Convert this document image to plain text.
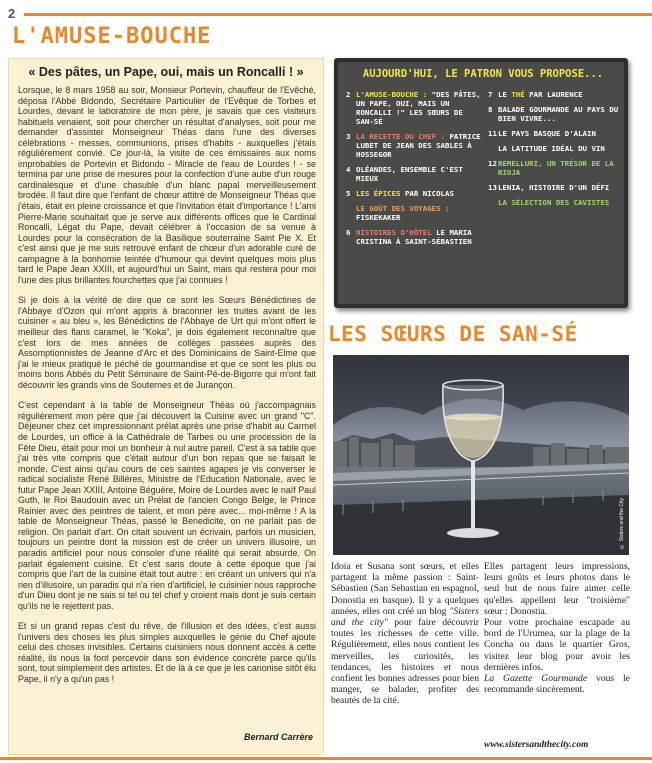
2
L'AMUSE-BOUCHE
« Des pâtes, un Pape, oui, mais un Roncalli ! »

Lorsque, le 8 mars 1958 au soir, Monsieur Portevin, chauffeur de l'Evêché, déposa l'Abbé Bidondo, Secrétaire Particulier de l'Evêque de Torbes et Lourdes, devant le laboratoire de mon père, je savais que ces visiteurs habituels venaient, soit pour chercher un résultat d'analyses, soit pour me demander d'assister Monseigneur Théas dans l'une des diverses célébrations - messes, communions, prises d'habits - auxquelles j'étais régulièrement convié. Ce jour-là, la visite de ces émissaires aux noms improbables de Portevin et Bidondo - Miracle de l'eau de Lourdes ! - se termina par une prise de mesures pour la confection d'une aube d'un rouge cardinalesque et d'une chasuble d'un blanc papal merveilleusement brodée. Il faut dire que l'enfant de chœur attitré de Monseigneur Théas que j'étais, était en pleine croissance et que l'invitation était d'importance ! L'ami Pierre-Marie souhaitait que je serve aux différents offices que le Cardinal Roncalli, Légat du Pape, devait célébrer à l'occasion de sa venue à Lourdes pour la consécration de la Basilique souterraine Saint Pie X. Et c'est ainsi que je me suis retrouvé enfant de chœur d'un adorable curé de campagne à la bonhomie teintée d'humour qui devint quelques mois plus tard le Pape Jean XXIII, et aujourd'hui un Saint, mais qui restera pour moi l'une des plus brillantes fourchettes que j'ai connues !

Si je dois à la vérité de dire que ce sont les Sœurs Bénédictines de l'Abbaye d'Ozon qui m'ont appris à braconner les truites avant de les cuisiner « au bleu », les Bénédictins de l'Abbaye de Urt qui m'ont offert le meilleur des flans caramel, le "Koka", je dois également reconnaître que c'est lors de mes années de collèges passées auprès des Assomptionnistes de Jeanne d'Arc et des Dominicains de Saint-Elme que j'ai le mieux pratiqué le péché de gourmandise et que ce sont les plus ou moins bons Abbés du Petit Séminaire de Saint-Pé-de-Bigorre qui m'ont fait découvrir les grands vins de Souternes et de Jurançon.

C'est cependant à la table de Monseigneur Théas où j'accompagnais régulièrement mon père que j'ai découvert la Cuisine avec un grand "C". Déjeuner chez cet impressionnant prélat après une prise d'habit au Carmel de Lourdes, un office à la Cathédrale de Tarbes ou une procession de la Fête Dieu, était pour moi un bonheur à nul autre pareil. C'est à sa table que j'ai très vite compris que c'était autour d'un bon repas que se faisait le monde. C'est ainsi qu'au cours de ces saintes agapes je vis converser le radical socialiste René Billères, Ministre de l'Education Nationale, avec le futur Pape Jean XXIII, Antoine Béguère, Moire de Lourdes avec le naïf Paul Guth, le Roi Baudouin avec un Prélat de l'ancien Congo Belge, le Prince Rainier avec des peintres de talent, et mon père avec... moi-même ! A la table de Monseigneur Théas, passé le Benedicite, on ne parlait pas de religion. On parlait d'art. On citait souvent un écrivain, parfois un musicien, toujours un peintre dont la mission est de créer un univers illusoire, un paradis artificiel pour nous consoler d'une réalité qui serait absurde. On parlait également cuisine. Et c'est sans doute à cette époque que j'ai compris que l'art de la cuisine était tout autre : en créant un univers qui n'a rien d'illusoire, un paradis qui n'a rien d'artificiel, le cuisinier nous rapproche d'un Dieu dont je ne sais si tel ou tel chef y croient mais dont je suis certain qu'ils ne le rejettent pas.

Et si un grand repas c'est du rêve, de l'illusion et des idées, c'est aussi l'univers des choses les plus simples auxquelles le génie du Chef ajoute celui des choses invisibles. Certains cuisiniers nous donnent accès à cette réalité, ils nous la font percevoir dans son évidence concrète parce qu'ils sont, tout simplement des artistes. Et de là à ce que je les canonise sitôt élu Pape, il n'y a qu'un pas !

Bernard Carrère
AUJOURD'HUI, LE PATRON VOUS PROPOSE...
2 L'AMUSE-BOUCHE : "DES PÂTES, UN PAPE, OUI, MAIS UN RONCALLI !" LES SŒURS DE SAN-SÉ
3 LA RECETTE DU CHEF : PATRICE LUBET DE JEAN DES SABLES À HOSSEGOR
4 OLÉANDES, ENSEMBLE C'EST MIEUX
5 LES ÉPICES PAR NICOLAS
LE GOÛT DES VOYAGES : FISKEKAKER
6 HISTOIRES D'HÔTEL LE MARIA CRISTINA À SAINT-SÉBASTIEN
7 LE THÉ PAR LAURENCE
8 BALADE GOURMANDE AU PAYS DU BIEN VIVRE...
11 LE PAYS BASQUE D'ALAIN
LA LATITUDE IDÉAL DU VIN
12 REMELLURI, UN TRÉSOR DE LA RIOJA
13 LENIA, HISTOIRE D'UN DÉFI
LA SÉLECTION DES CAVISTES
LES SŒURS DE SAN-SÉ
© Sisters and the City
Idoia et Susana sont sœurs, et elles partagent la même passion : Saint-Sébastien (San Sebastian en espagnol, Donostia en basque). Il y a quelques années, elles ont créé un blog "Sisters and the city" pour faire découvrir toutes les richesses de cette ville. Régulièrement, elles nous contient les merveilles, les curiosités, les tendances, les histoires et nous confient les bonnes adresses pour bien manger, se balader, profiter des beautés de la cité.
Elles partagent leurs impressions, leurs goûts et leurs photos dans le seul but de nous faire aimer celle qu'elles appellent leur "troisième" sœur : Donostia.
Pour votre prochaine escapade au bord de l'Urumea, sur la plage de la Concha ou dans le quartier Gros, visitez leur blog pour avoir les dernières infos.
La Gazette Gourmande vous le recommande sincèrement.
www.sistersandthecity.com
